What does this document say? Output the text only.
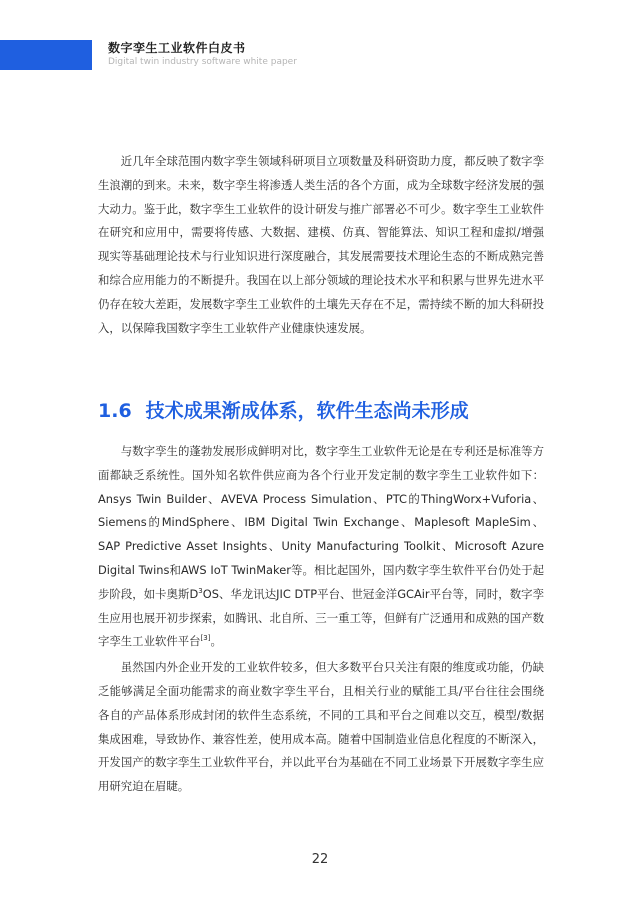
数字孪生工业软件白皮书
Digital twin industry software white paper

近几年全球范围内数字孪生领域科研项目立项数量及科研资助力度，都反映了数字孪生浪潮的到来。未来，数字孪生将渗透人类生活的各个方面，成为全球数字经济发展的强大动力。鉴于此，数字孪生工业软件的设计研发与推广部署必不可少。数字孪生工业软件在研究和应用中，需要将传感、大数据、建模、仿真、智能算法、知识工程和虚拟/增强现实等基础理论技术与行业知识进行深度融合，其发展需要技术理论生态的不断成熟完善和综合应用能力的不断提升。我国在以上部分领域的理论技术水平和积累与世界先进水平仍存在较大差距，发展数字孪生工业软件的土壤先天存在不足，需持续不断的加大科研投入，以保障我国数字孪生工业软件产业健康快速发展。

1.6 技术成果渐成体系，软件生态尚未形成

与数字孪生的蓬勃发展形成鲜明对比，数字孪生工业软件无论是在专利还是标准等方面都缺乏系统性。国外知名软件供应商为各个行业开发定制的数字孪生工业软件如下：Ansys Twin Builder、AVEVA Process Simulation、PTC的ThingWorx+Vuforia、Siemens的MindSphere、IBM Digital Twin Exchange、Maplesoft MapleSim、SAP Predictive Asset Insights、Unity Manufacturing Toolkit、Microsoft Azure Digital Twins和AWS IoT TwinMaker等。相比起国外，国内数字孪生软件平台仍处于起步阶段，如卡奥斯$D^3OS$、华龙讯达JIC DTP平台、世冠金洋GCAir平台等，同时，数字孪生应用也展开初步探索，如腾讯、北自所、三一重工等，但鲜有广泛通用和成熟的国产数字孪生工业软件平台[3]。

虽然国内外企业开发的工业软件较多，但大多数平台只关注有限的维度或功能，仍缺乏能够满足全面功能需求的商业数字孪生平台，且相关行业的赋能工具/平台往往会围绕各自的产品体系形成封闭的软件生态系统，不同的工具和平台之间难以交互，模型/数据集成困难，导致协作、兼容性差，使用成本高。随着中国制造业信息化程度的不断深入，开发国产的数字孪生工业软件平台，并以此平台为基础在不同工业场景下开展数字孪生应用研究迫在眉睫。

22
